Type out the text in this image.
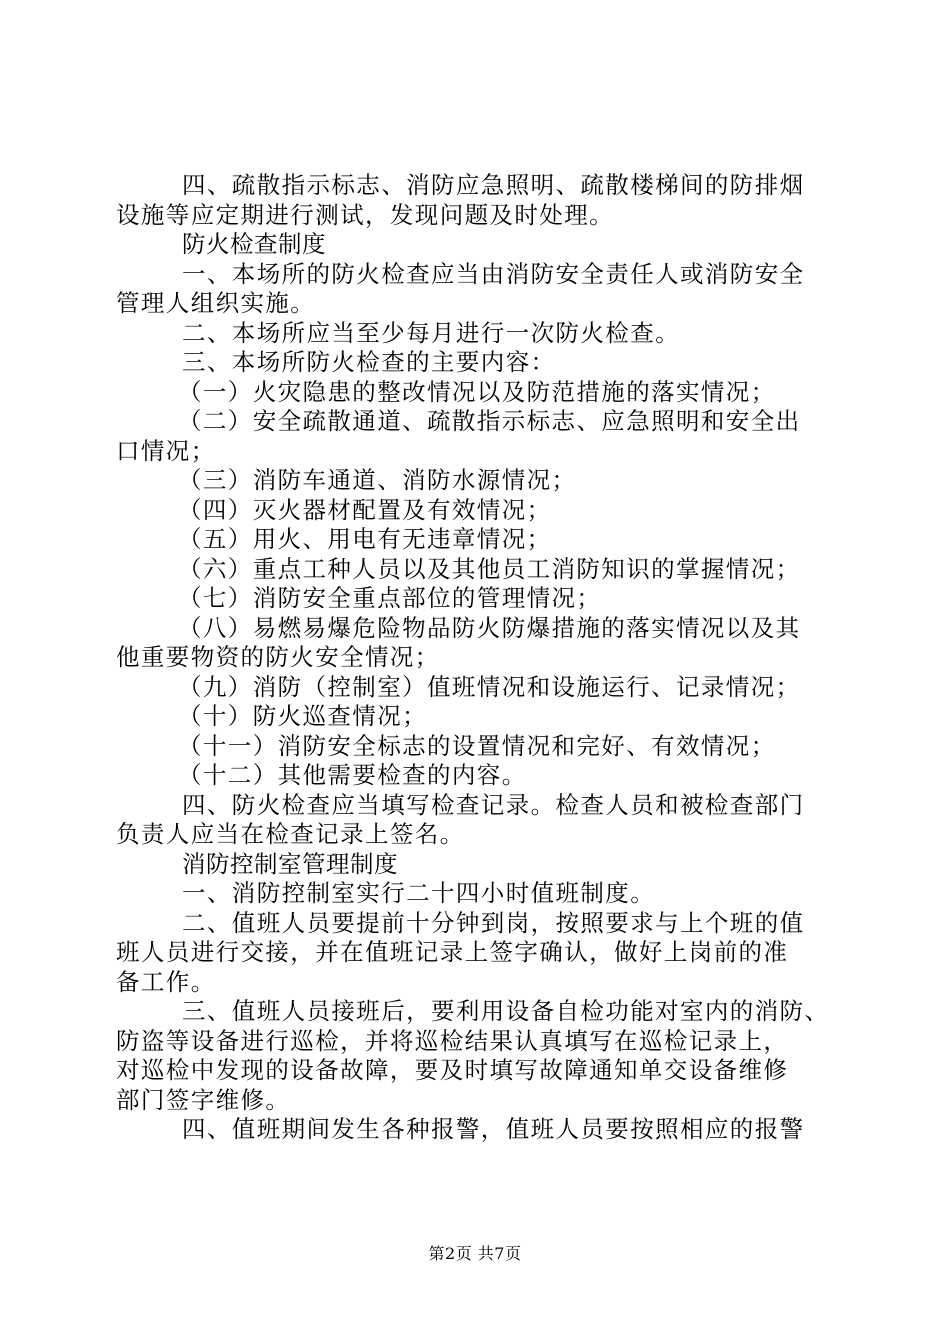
四、疏散指示标志、消防应急照明、疏散楼梯间的防排烟
设施等应定期进行测试，发现问题及时处理。

防火检查制度

一、本场所的防火检查应当由消防安全责任人或消防安全
管理人组织实施。

二、本场所应当至少每月进行一次防火检查。

三、本场所防火检查的主要内容：

（一）火灾隐患的整改情况以及防范措施的落实情况；

（二）安全疏散通道、疏散指示标志、应急照明和安全出
口情况；

（三）消防车通道、消防水源情况；

（四）灭火器材配置及有效情况；

（五）用火、用电有无违章情况；

（六）重点工种人员以及其他员工消防知识的掌握情况；

（七）消防安全重点部位的管理情况；

（八）易燃易爆危险物品防火防爆措施的落实情况以及其
他重要物资的防火安全情况；

（九）消防（控制室）值班情况和设施运行、记录情况；

（十）防火巡查情况；

（十一）消防安全标志的设置情况和完好、有效情况；

（十二）其他需要检查的内容。

四、防火检查应当填写检查记录。检查人员和被检查部门
负责人应当在检查记录上签名。

消防控制室管理制度

一、消防控制室实行二十四小时值班制度。

二、值班人员要提前十分钟到岗，按照要求与上个班的值
班人员进行交接，并在值班记录上签字确认，做好上岗前的准
备工作。

三、值班人员接班后，要利用设备自检功能对室内的消防、
防盗等设备进行巡检，并将巡检结果认真填写在巡检记录上，
对巡检中发现的设备故障，要及时填写故障通知单交设备维修
部门签字维修。

四、值班期间发生各种报警，值班人员要按照相应的报警

第2页 共7页
